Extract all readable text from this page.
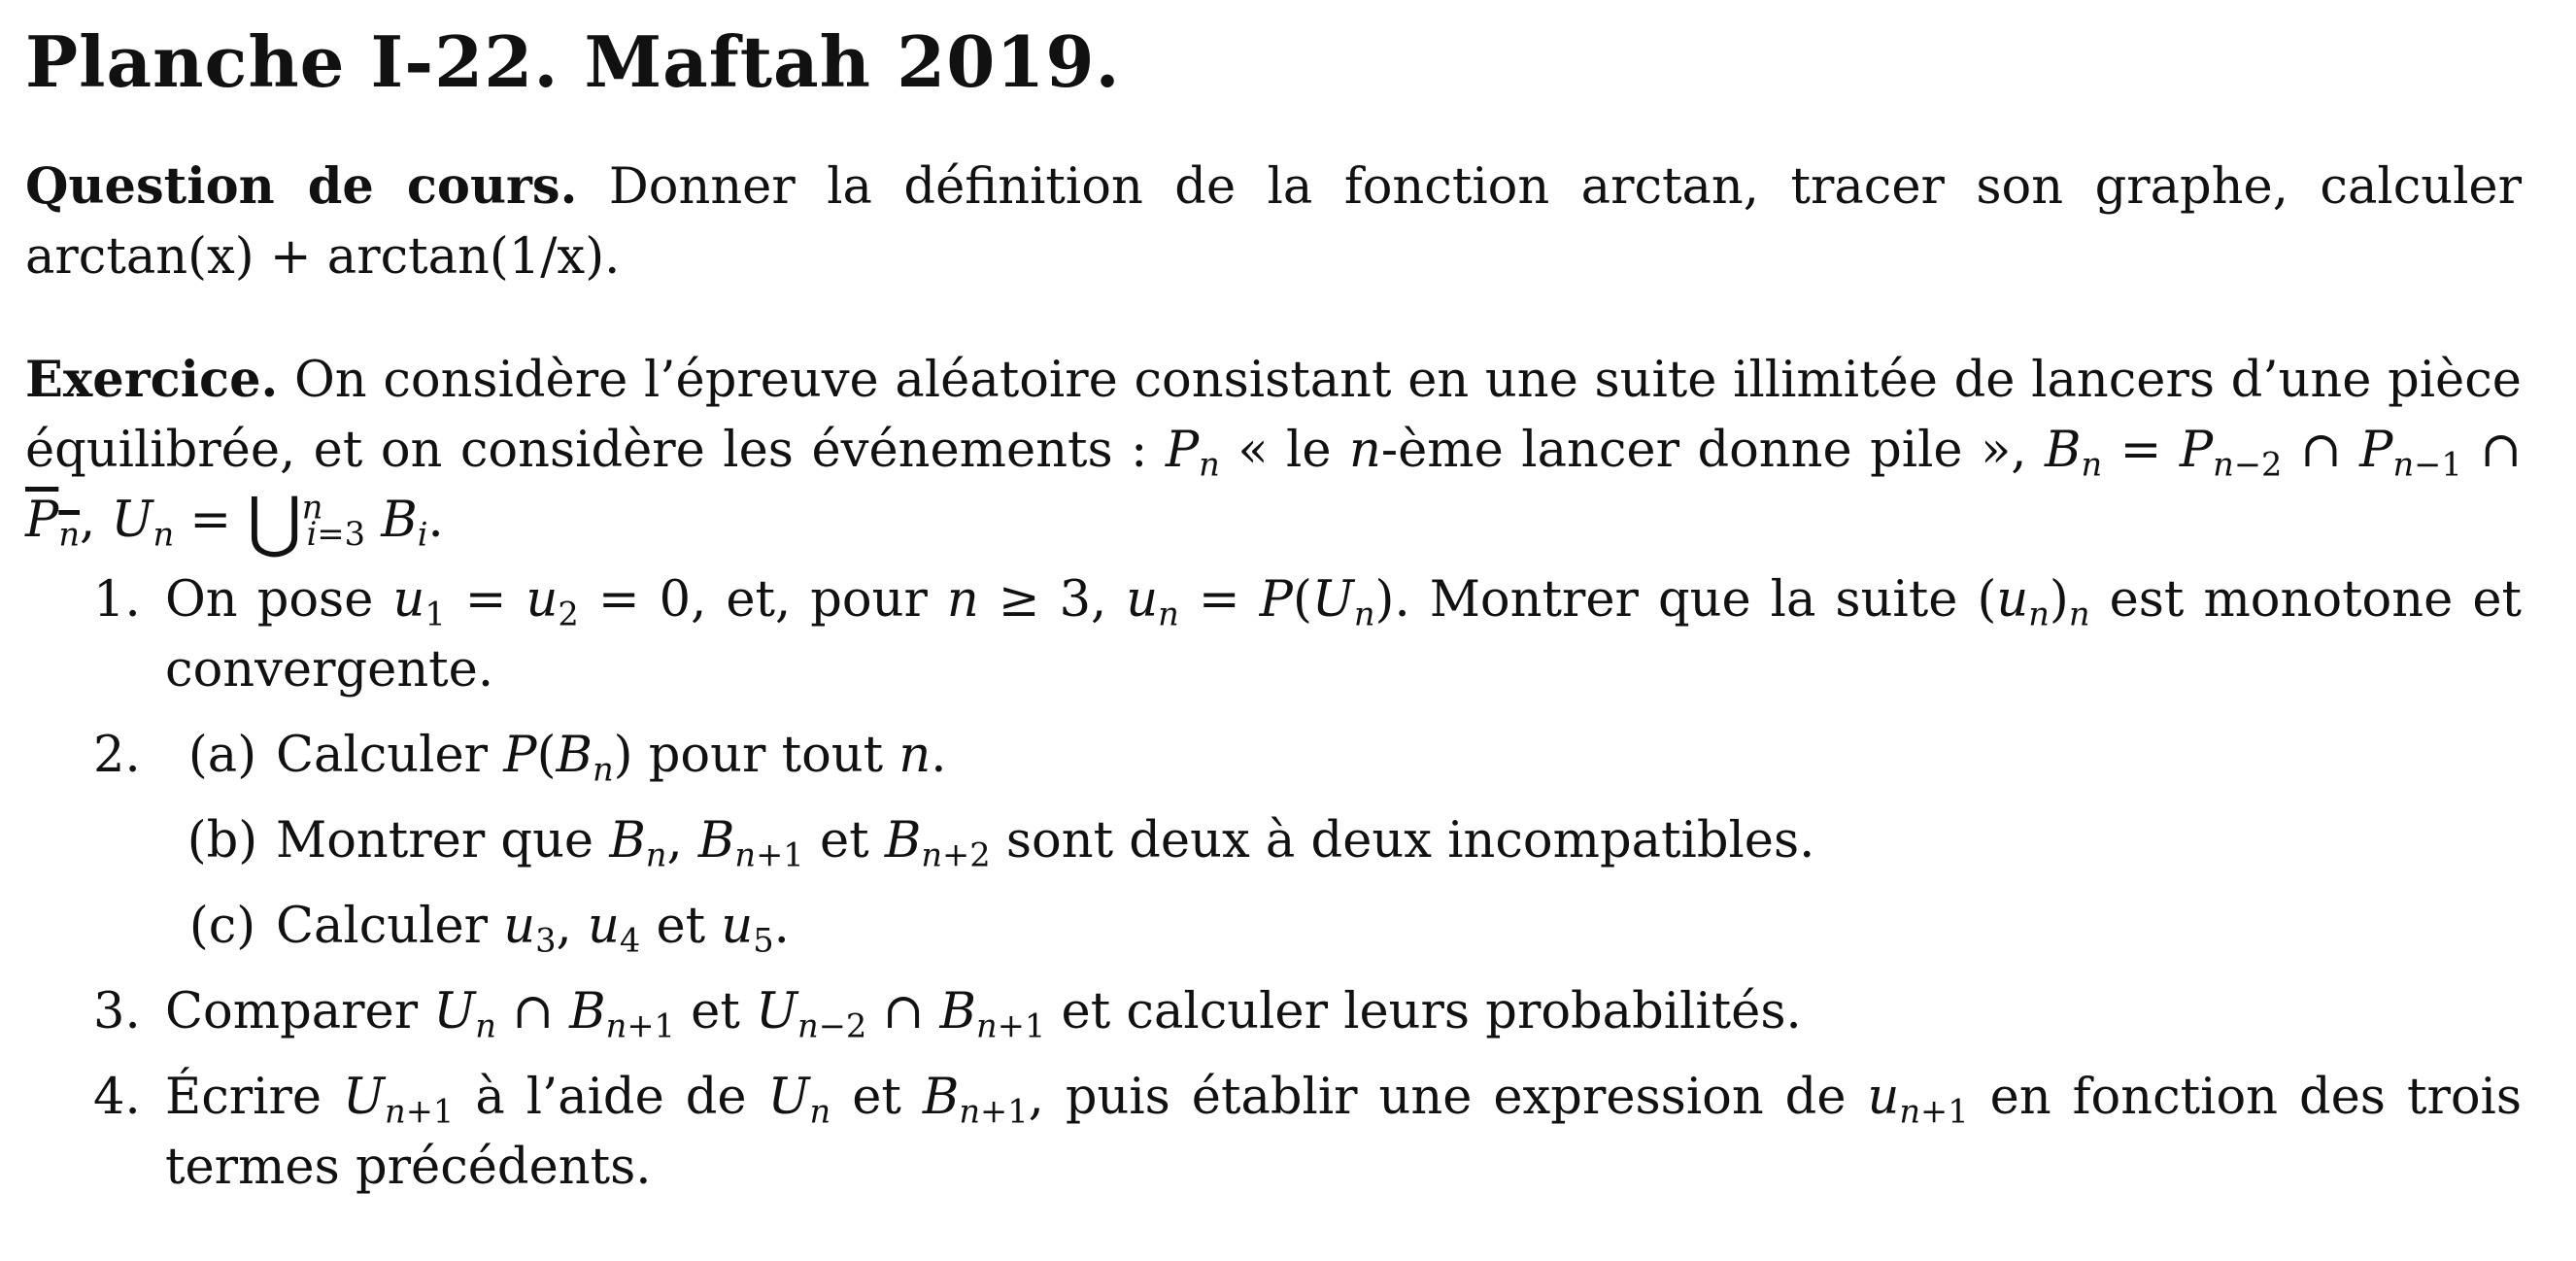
Planche I-22. Maftah 2019.

Question de cours. Donner la définition de la fonction arctan, tracer son graphe, calculer arctan(x) + arctan(1/x).

Exercice. On considère l’épreuve aléatoire consistant en une suite illimitée de lancers d’une pièce équilibrée, et on considère les événements : $P_n$ « le n-ème lancer donne pile », $B_n = P_{n-2}$ ∩ $P_{n-1}$ ∩ $P_n$, $U_n$ = ⋃$^n_{i=3}$ $B_i$.

1. On pose $u_1 = u_2 = 0$, et, pour n ≥ 3, $u_n = P(U_n)$. Montrer que la suite $(u_n)_n$ est monotone et convergente.
2. (a) Calculer $P(B_n)$ pour tout n.
(b) Montrer que $B_n$, $B_{n+1}$ et $B_{n+2}$ sont deux à deux incompatibles.
(c) Calculer $u_3$, $u_4$ et $u_5$.
3. Comparer $U_n$ ∩ $B_{n+1}$ et $U_{n-2}$ ∩ $B_{n+1}$ et calculer leurs probabilités.
4. Écrire $U_{n+1}$ à l’aide de $U_n$ et $B_{n+1}$, puis établir une expression de $u_{n+1}$ en fonction des trois termes précédents.
